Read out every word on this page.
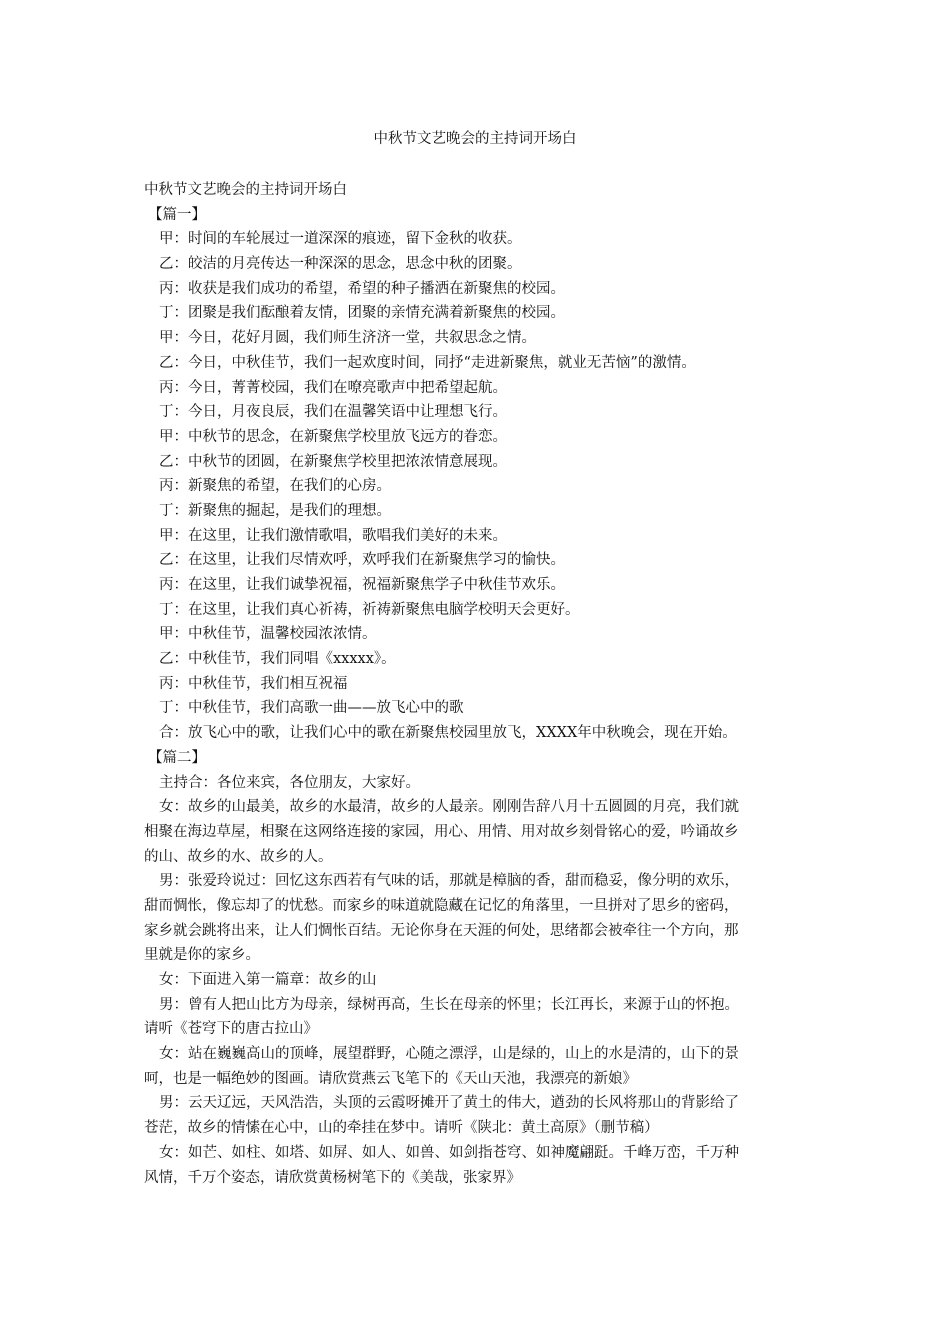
中秋节文艺晚会的主持词开场白
中秋节文艺晚会的主持词开场白
【篇一】
甲：时间的车轮展过一道深深的痕迹，留下金秋的收获。
乙：皎洁的月亮传达一种深深的思念，思念中秋的团聚。
丙：收获是我们成功的希望，希望的种子播洒在新聚焦的校园。
丁：团聚是我们酝酿着友情，团聚的亲情充满着新聚焦的校园。
甲：今日，花好月圆，我们师生济济一堂，共叙思念之情。
乙：今日，中秋佳节，我们一起欢度时间，同抒“走进新聚焦，就业无苦恼”的激情。
丙：今日，菁菁校园，我们在嘹亮歌声中把希望起航。
丁：今日，月夜良辰，我们在温馨笑语中让理想飞行。
甲：中秋节的思念，在新聚焦学校里放飞远方的眷恋。
乙：中秋节的团圆，在新聚焦学校里把浓浓情意展现。
丙：新聚焦的希望，在我们的心房。
丁：新聚焦的掘起，是我们的理想。
甲：在这里，让我们激情歌唱，歌唱我们美好的未来。
乙：在这里，让我们尽情欢呼，欢呼我们在新聚焦学习的愉快。
丙：在这里，让我们诚挚祝福，祝福新聚焦学子中秋佳节欢乐。
丁：在这里，让我们真心祈祷，祈祷新聚焦电脑学校明天会更好。
甲：中秋佳节，温馨校园浓浓情。
乙：中秋佳节，我们同唱《xxxxx》。
丙：中秋佳节，我们相互祝福
丁：中秋佳节，我们高歌一曲——放飞心中的歌
合：放飞心中的歌，让我们心中的歌在新聚焦校园里放飞，XXXX年中秋晚会，现在开始。
【篇二】
主持合：各位来宾，各位朋友，大家好。
女：故乡的山最美，故乡的水最清，故乡的人最亲。刚刚告辞八月十五圆圆的月亮，我们就
相聚在海边草屋，相聚在这网络连接的家园，用心、用情、用对故乡刻骨铭心的爱，吟诵故乡
的山、故乡的水、故乡的人。
男：张爱玲说过：回忆这东西若有气味的话，那就是樟脑的香，甜而稳妥，像分明的欢乐，
甜而惆怅，像忘却了的忧愁。而家乡的味道就隐藏在记忆的角落里，一旦拼对了思乡的密码，
家乡就会跳将出来，让人们惆怅百结。无论你身在天涯的何处，思绪都会被牵往一个方向，那
里就是你的家乡。
女：下面进入第一篇章：故乡的山
男：曾有人把山比方为母亲，绿树再高，生长在母亲的怀里；长江再长，来源于山的怀抱。
请听《苍穹下的唐古拉山》
女：站在巍巍高山的顶峰，展望群野，心随之漂浮，山是绿的，山上的水是清的，山下的景
呵，也是一幅绝妙的图画。请欣赏燕云飞笔下的《天山天池，我漂亮的新娘》
男：云天辽远，天风浩浩，头顶的云霞呀摊开了黄土的伟大，遒劲的长风将那山的背影给了
苍茫，故乡的情愫在心中，山的牵挂在梦中。请听《陕北：黄土高原》（删节稿）
女：如芒、如柱、如塔、如屏、如人、如兽、如剑指苍穹、如神魔翩跹。千峰万峦，千万种
风情，千万个姿态，请欣赏黄杨树笔下的《美哉，张家界》
